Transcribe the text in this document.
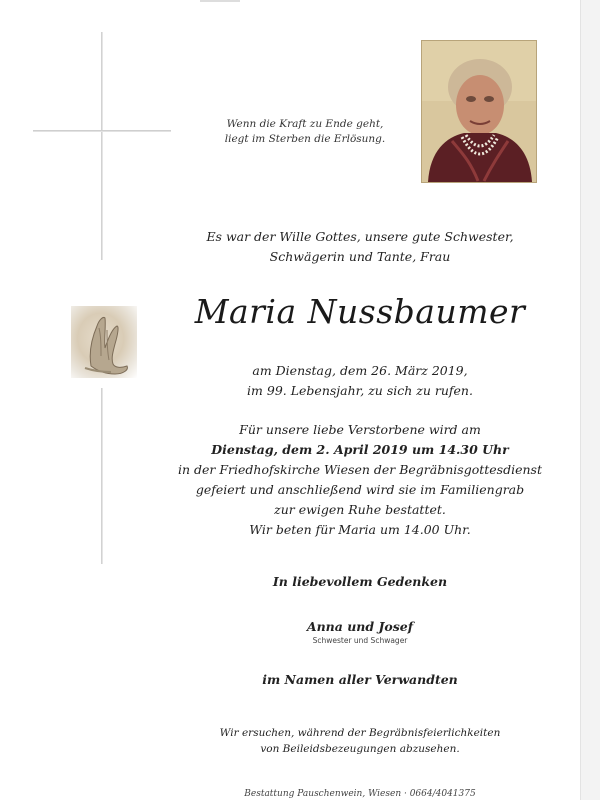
Wenn die Kraft zu Ende geht,
liegt im Sterben die Erlösung.
Es war der Wille Gottes, unsere gute Schwester,
Schwägerin und Tante, Frau
Maria Nussbaumer
am Dienstag, dem 26. März 2019,
im 99. Lebensjahr, zu sich zu rufen.
Für unsere liebe Verstorbene wird am
Dienstag, dem 2. April 2019 um 14.30 Uhr
in der Friedhofskirche Wiesen der Begräbnisgottesdienst
gefeiert und anschließend wird sie im Familiengrab
zur ewigen Ruhe bestattet.
Wir beten für Maria um 14.00 Uhr.
In liebevollem Gedenken
Anna und Josef
Schwester und Schwager
im Namen aller Verwandten
Wir ersuchen, während der Begräbnisfeierlichkeiten
von Beileidsbezeugungen abzusehen.
Bestattung Pauschenwein, Wiesen · 0664/4041375
